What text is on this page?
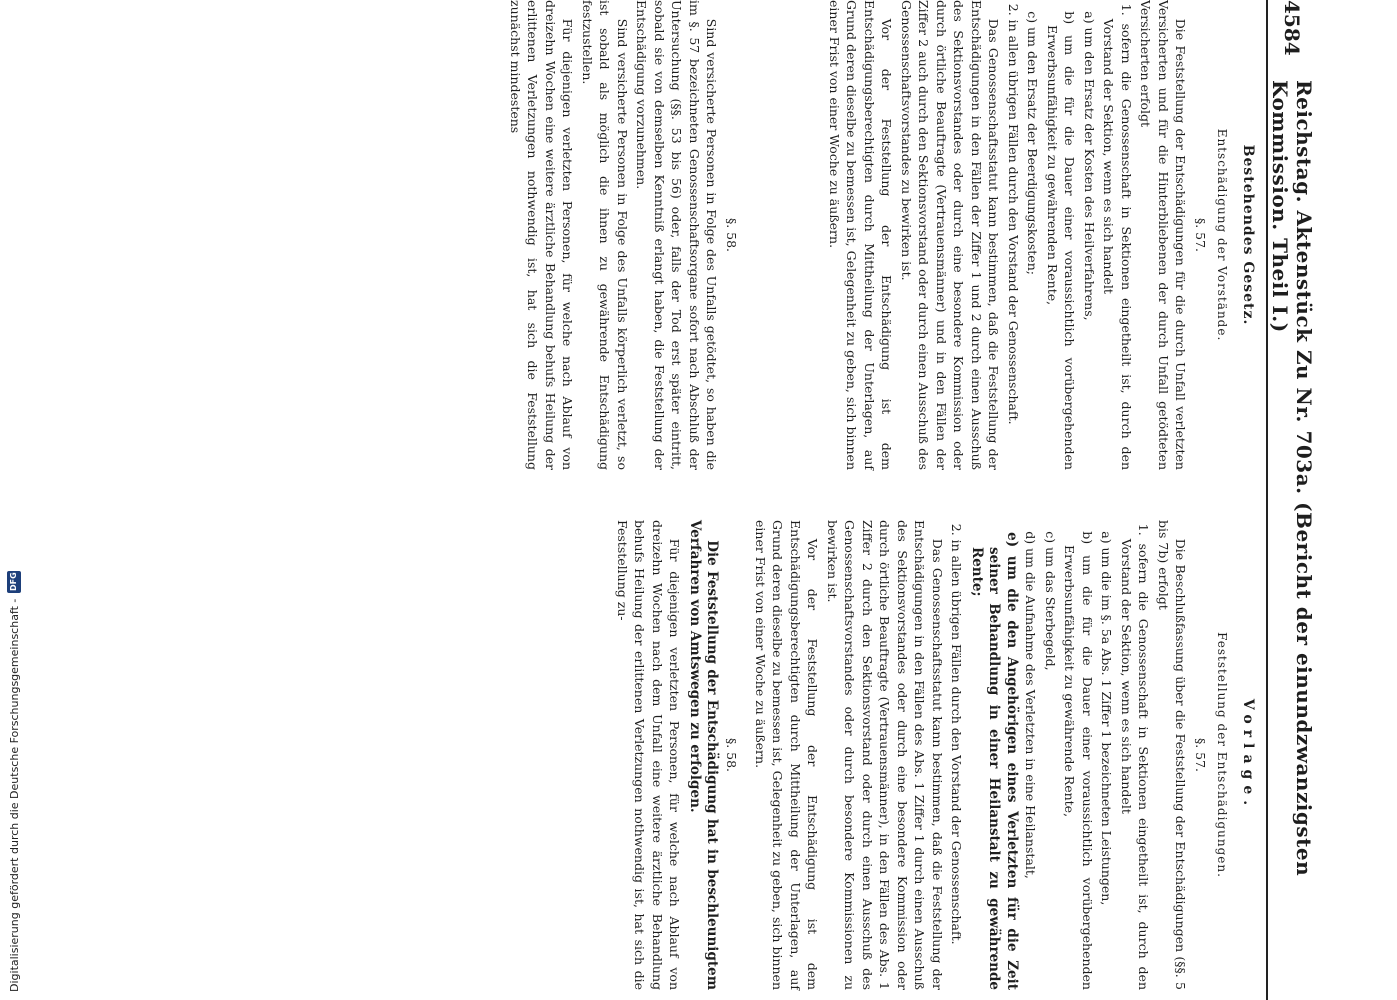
4584
Reichstag. Aktenstück Zu Nr. 703a. (Bericht der einundzwanzigsten Kommission. Theil I.)
Bestehendes Gesetz.
Entschädigung der Vorstände.
§. 57.

Die Feststellung der Entschädigungen für die durch Unfall verletzten Versicherten und für die Hinterbliebenen der durch Unfall getödteten Versicherten erfolgt

1. sofern die Genossenschaft in Sektionen eingetheilt ist, durch den Vorstand der Sektion, wenn es sich handelt
a) um den Ersatz der Kosten des Heilverfahrens,
b) um die für die Dauer einer voraussichtlich vorübergehenden Erwerbsunfähigkeit zu gewährenden Rente,
c) um den Ersatz der Beerdigungskosten;
2. in allen übrigen Fällen durch den Vorstand der Genossenschaft.

Das Genossenschaftsstatut kann bestimmen, daß die Feststellung der Entschädigungen in den Fällen der Ziffer 1 und 2 durch einen Ausschuß des Sektionsvorstandes oder durch eine besondere Kommission oder durch örtliche Beauftragte (Vertrauensmänner) und in den Fällen der Ziffer 2 auch durch den Sektionsvorstand oder durch einen Ausschuß des Genossenschaftsvorstandes zu bewirken ist.

Vor der Feststellung der Entschädigung ist dem Entschädigungsberechtigten durch Mittheilung der Unterlagen, auf Grund deren dieselbe zu bemessen ist, Gelegenheit zu geben, sich binnen einer Frist von einer Woche zu äußern.

Vorlage.
Feststellung der Entschädigungen.
§. 57.

Die Beschlußfassung über die Feststellung der Entschädigungen (§§. 5 bis 7b) erfolgt

1. sofern die Genossenschaft in Sektionen eingetheilt ist, durch den Vorstand der Sektion, wenn es sich handelt
a) um die im §. 5a Abs. 1 Ziffer 1 bezeichneten Leistungen,
b) um die für die Dauer einer voraussichtlich vorübergehenden Erwerbsunfähigkeit zu gewährende Rente,
c) um das Sterbegeld,
d) um die Aufnahme des Verletzten in eine Heilanstalt,
e) um die den Angehörigen eines Verletzten für die Zeit seiner Behandlung in einer Heilanstalt zu gewährende Rente;
2. in allen übrigen Fällen durch den Vorstand der Genossenschaft.

Das Genossenschaftsstatut kann bestimmen, daß die Feststellung der Entschädigungen in den Fällen des Abs. 1 Ziffer 1 durch einen Ausschuß des Sektionsvorstandes oder durch eine besondere Kommission oder durch örtliche Beauftragte (Vertrauensmänner), in den Fällen des Abs. 1 Ziffer 2 durch den Sektionsvorstand oder durch einen Ausschuß des Genossenschaftsvorstandes oder durch besondere Kommissionen zu bewirken ist.

Vor der Feststellung der Entschädigung ist dem Entschädigungsberechtigten durch Mittheilung der Unterlagen, auf Grund deren dieselbe zu bemessen ist, Gelegenheit zu geben, sich binnen einer Frist von einer Woche zu äußern.

§. 58.

Sind versicherte Personen in Folge des Unfalls getödtet, so haben die im §. 57 bezeichneten Genossenschaftsorgane sofort nach Abschluß der Untersuchung (§§. 53 bis 56) oder, falls der Tod erst später eintritt, sobald sie von demselben Kenntniß erlangt haben, die Feststellung der Entschädigung vorzunehmen.

Sind versicherte Personen in Folge des Unfalls körperlich verletzt, so ist sobald als möglich die ihnen zu gewährende Entschädigung festzustellen.

Für diejenigen verletzten Personen, für welche nach Ablauf von dreizehn Wochen eine weitere ärztliche Behandlung behufs Heilung der erlittenen Verletzungen nothwendig ist, hat sich die Feststellung zunächst mindestens

§. 58.

Die Feststellung der Entschädigung hat in beschleunigtem Verfahren von Amtswegen zu erfolgen.

Für diejenigen verletzten Personen, für welche nach Ablauf von dreizehn Wochen nach dem Unfall eine weitere ärztliche Behandlung behufs Heilung der erlittenen Verletzungen nothwendig ist, hat sich die Feststellung zu-

Digitalisierung gefördert durch die Deutsche Forschungsgemeinschaft -
DFG
